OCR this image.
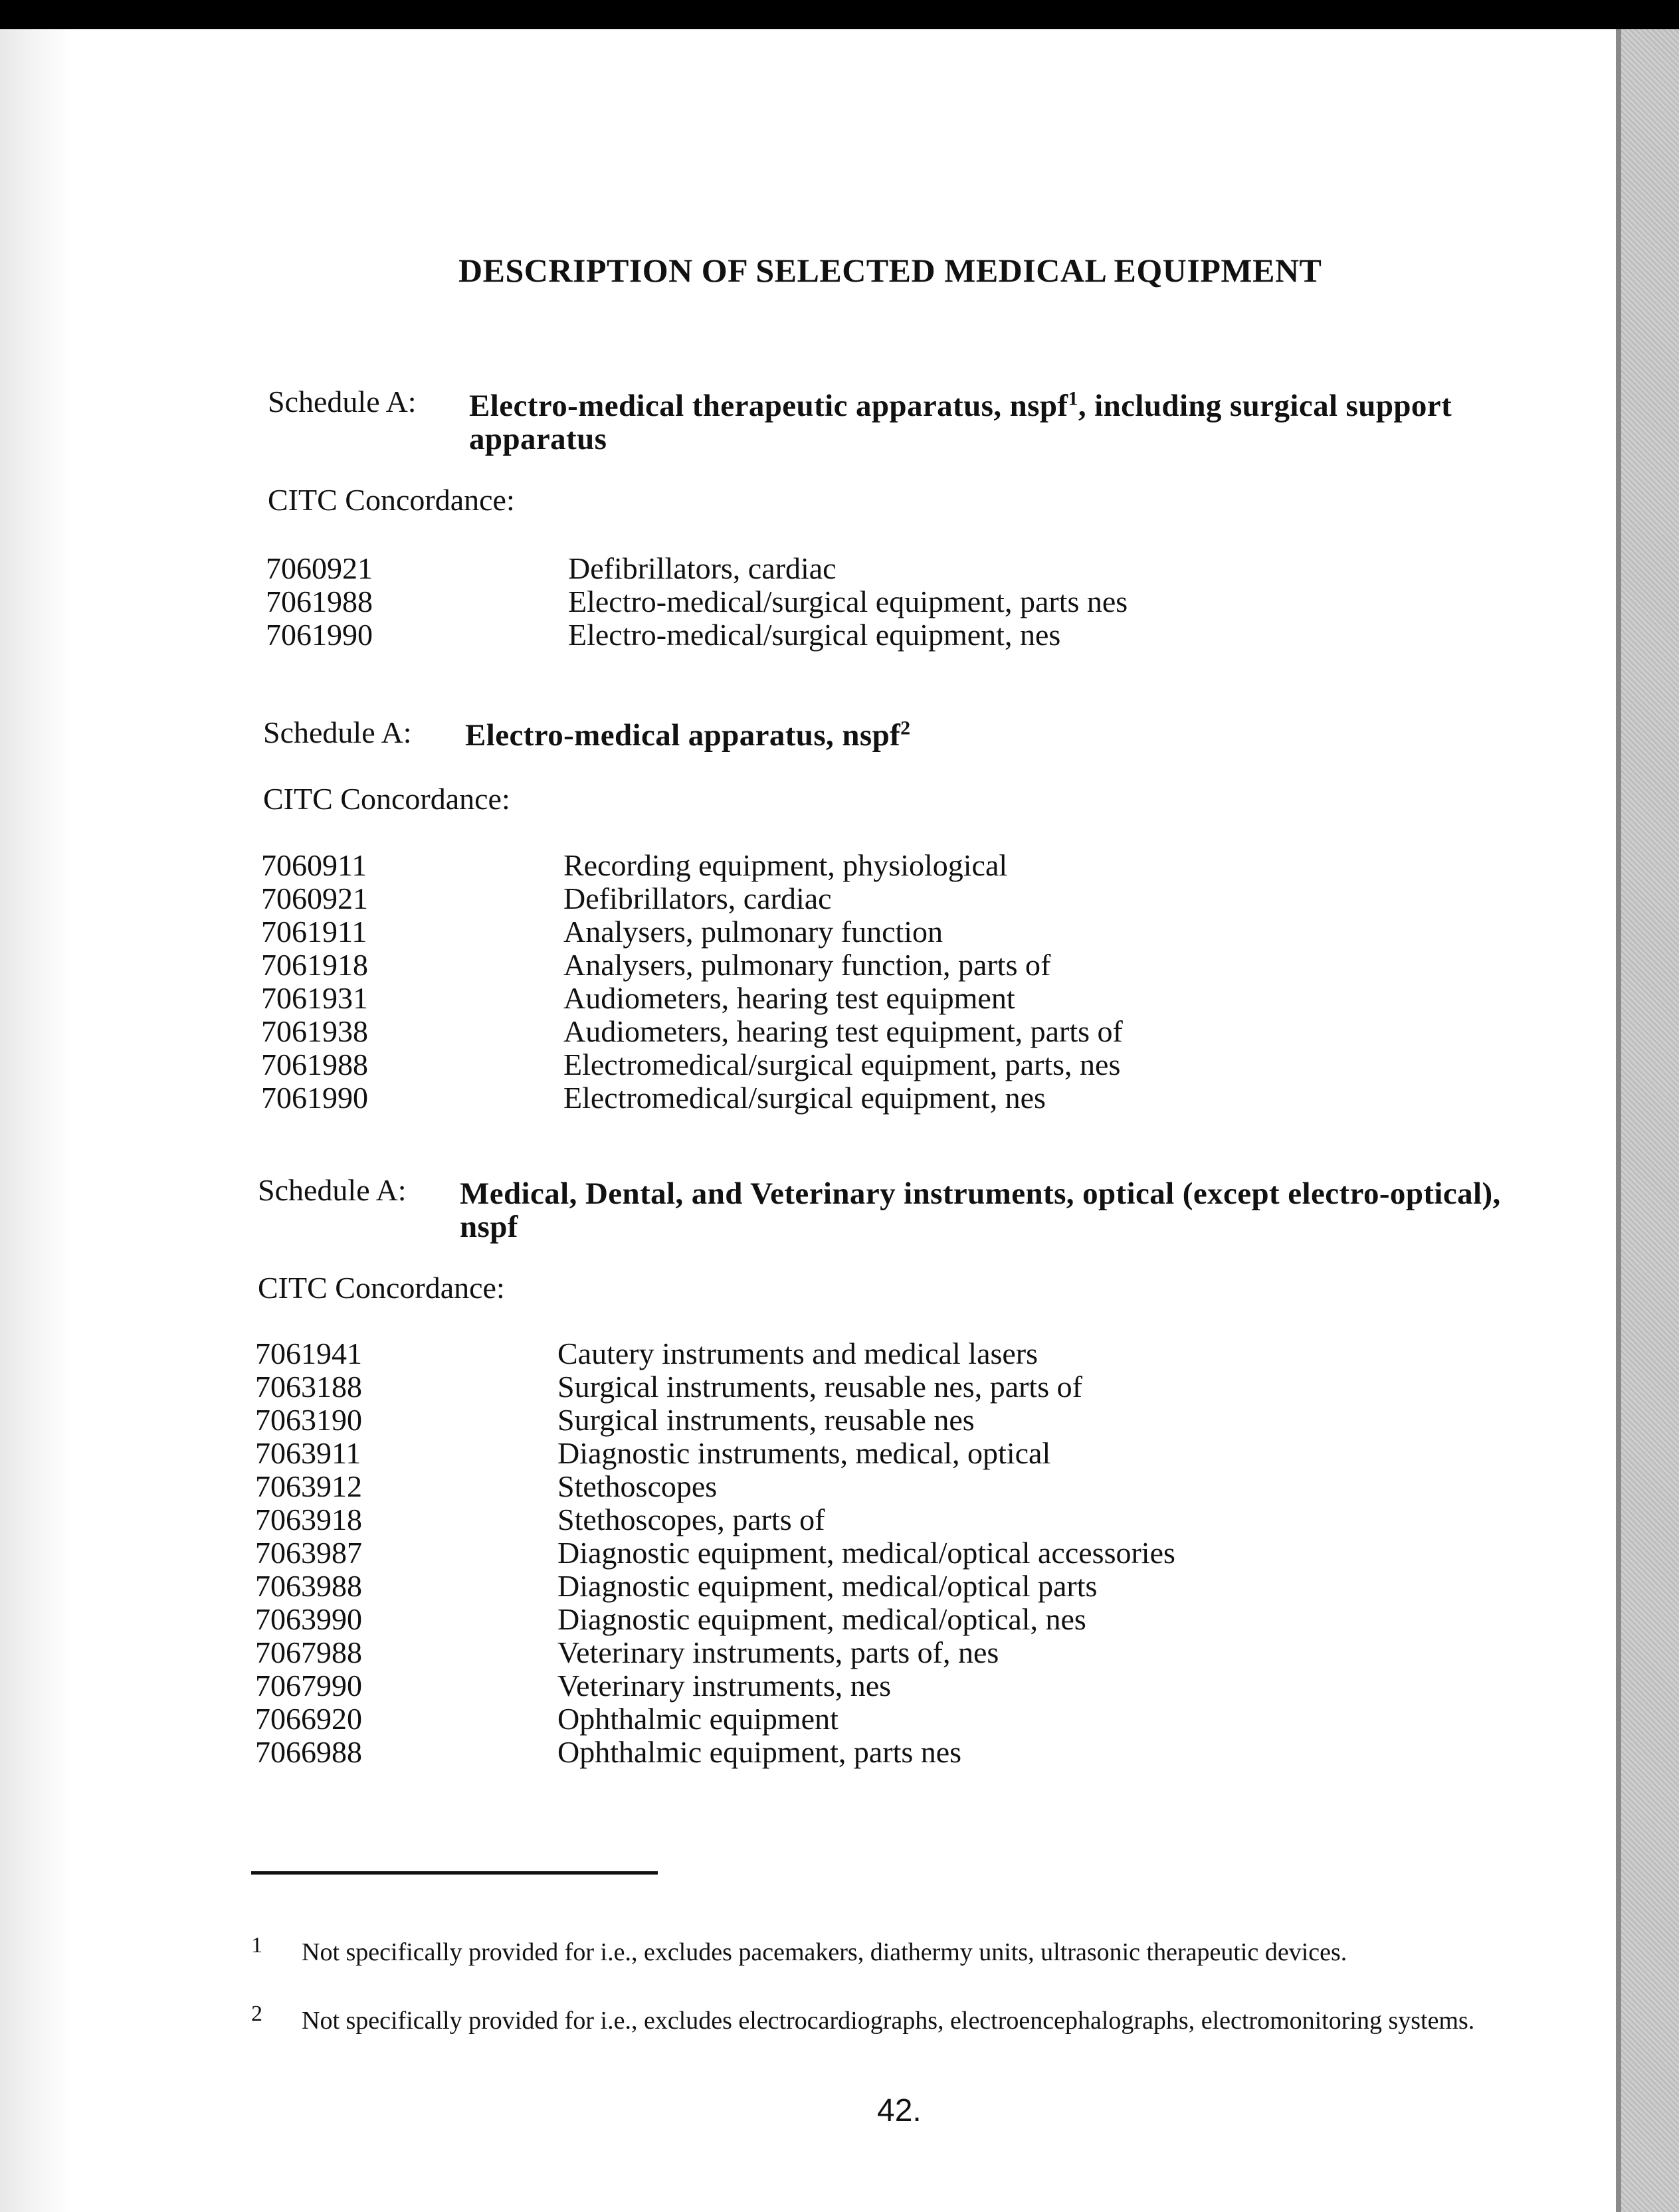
DESCRIPTION OF SELECTED MEDICAL EQUIPMENT
Schedule A: Electro-medical therapeutic apparatus, nspf$^1$, including surgical support apparatus

CITC Concordance:
7060921	Defibrillators, cardiac
7061988	Electro-medical/surgical equipment, parts nes
7061990	Electro-medical/surgical equipment, nes
Schedule A: Electro-medical apparatus, nspf$^2$

CITC Concordance:
7060911	Recording equipment, physiological
7060921	Defibrillators, cardiac
7061911	Analysers, pulmonary function
7061918	Analysers, pulmonary function, parts of
7061931	Audiometers, hearing test equipment
7061938	Audiometers, hearing test equipment, parts of
7061988	Electromedical/surgical equipment, parts, nes
7061990	Electromedical/surgical equipment, nes
Schedule A: Medical, Dental, and Veterinary instruments, optical (except electro-optical), nspf

CITC Concordance:
7061941	Cautery instruments and medical lasers
7063188	Surgical instruments, reusable nes, parts of
7063190	Surgical instruments, reusable nes
7063911	Diagnostic instruments, medical, optical
7063912	Stethoscopes
7063918	Stethoscopes, parts of
7063987	Diagnostic equipment, medical/optical accessories
7063988	Diagnostic equipment, medical/optical parts
7063990	Diagnostic equipment, medical/optical, nes
7067988	Veterinary instruments, parts of, nes
7067990	Veterinary instruments, nes
7066920	Ophthalmic equipment
7066988	Ophthalmic equipment, parts nes
1 Not specifically provided for i.e., excludes pacemakers, diathermy units, ultrasonic therapeutic devices.
2 Not specifically provided for i.e., excludes electrocardiographs, electroencephalographs, electromonitoring systems.
42.
